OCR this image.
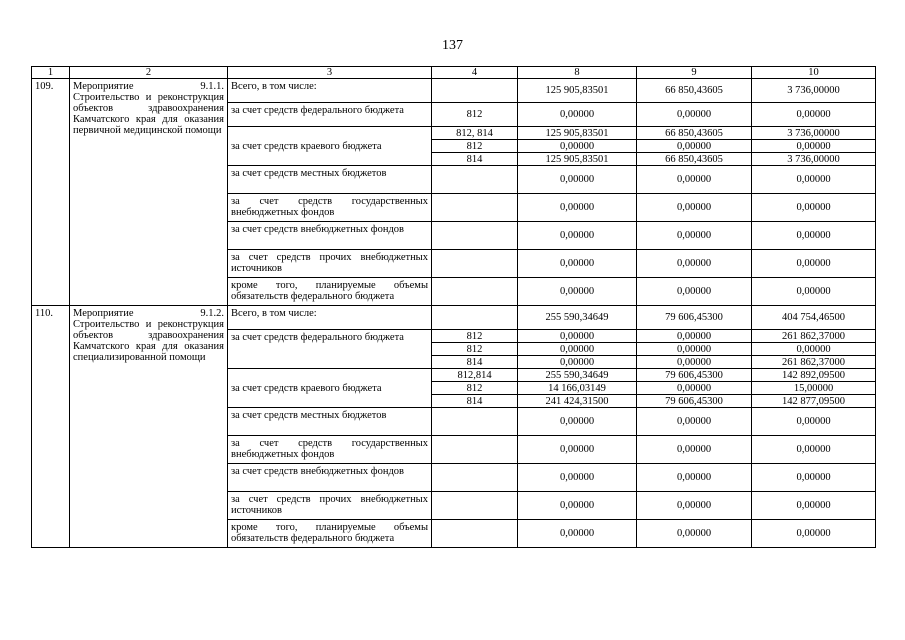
137
1	2	3	4	8	9	10
109.	Мероприятие 9.1.1. Строительство и реконструкция объектов здравоохранения Камчатского края для оказания первичной медицинской помощи	Всего, в том числе:		125 905,83501	66 850,43605	3 736,00000
		за счет средств федерального бюджета	812	0,00000	0,00000	0,00000
		за счет средств краевого бюджета	812, 814	125 905,83501	66 850,43605	3 736,00000
			812	0,00000	0,00000	0,00000
			814	125 905,83501	66 850,43605	3 736,00000
		за счет средств местных бюджетов		0,00000	0,00000	0,00000
		за счет средств государственных внебюджетных фондов		0,00000	0,00000	0,00000
		за счет средств внебюджетных фондов		0,00000	0,00000	0,00000
		за счет средств прочих внебюджетных источников		0,00000	0,00000	0,00000
		кроме того, планируемые объемы обязательств федерального бюджета		0,00000	0,00000	0,00000
110.	Мероприятие 9.1.2. Строительство и реконструкция объектов здравоохранения Камчатского края для оказания специализированной помощи	Всего, в том числе:		255 590,34649	79 606,45300	404 754,46500
		за счет средств федерального бюджета	812	0,00000	0,00000	261 862,37000
			812	0,00000	0,00000	0,00000
			814	0,00000	0,00000	261 862,37000
		за счет средств краевого бюджета	812,814	255 590,34649	79 606,45300	142 892,09500
			812	14 166,03149	0,00000	15,00000
			814	241 424,31500	79 606,45300	142 877,09500
		за счет средств местных бюджетов		0,00000	0,00000	0,00000
		за счет средств государственных внебюджетных фондов		0,00000	0,00000	0,00000
		за счет средств внебюджетных фондов		0,00000	0,00000	0,00000
		за счет средств прочих внебюджетных источников		0,00000	0,00000	0,00000
		кроме того, планируемые объемы обязательств федерального бюджета		0,00000	0,00000	0,00000
